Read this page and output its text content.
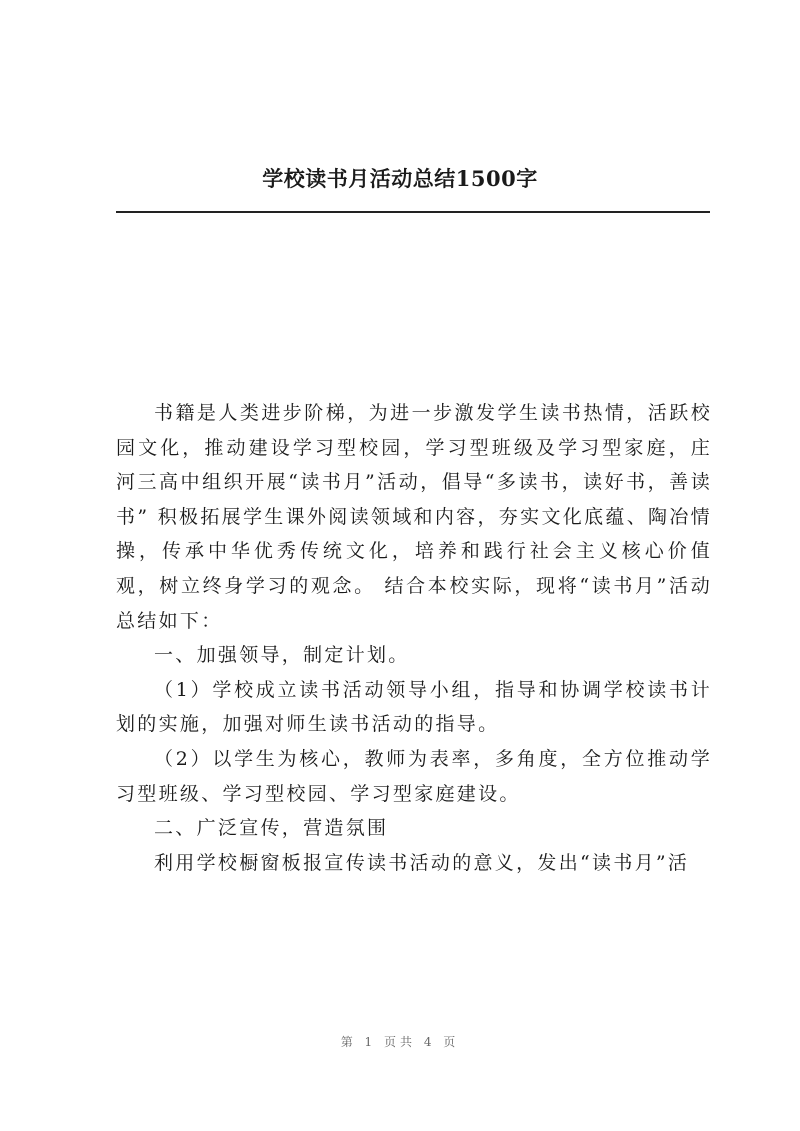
学校读书月活动总结1500字

书籍是人类进步阶梯，为进一步激发学生读书热情，活跃校园文化，推动建设学习型校园，学习型班级及学习型家庭，庄河三高中组织开展“读书月”活动，倡导“多读书，读好书，善读书” 积极拓展学生课外阅读领域和内容，夯实文化底蕴、陶冶情操，传承中华优秀传统文化，培养和践行社会主义核心价值观，树立终身学习的观念。 结合本校实际，现将“读书月”活动总结如下：

一、加强领导，制定计划。

（1）学校成立读书活动领导小组，指导和协调学校读书计划的实施，加强对师生读书活动的指导。

（2）以学生为核心，教师为表率，多角度，全方位推动学习型班级、学习型校园、学习型家庭建设。

二、广泛宣传，营造氛围

利用学校橱窗板报宣传读书活动的意义，发出“读书月”活

第 1 页共 4 页
